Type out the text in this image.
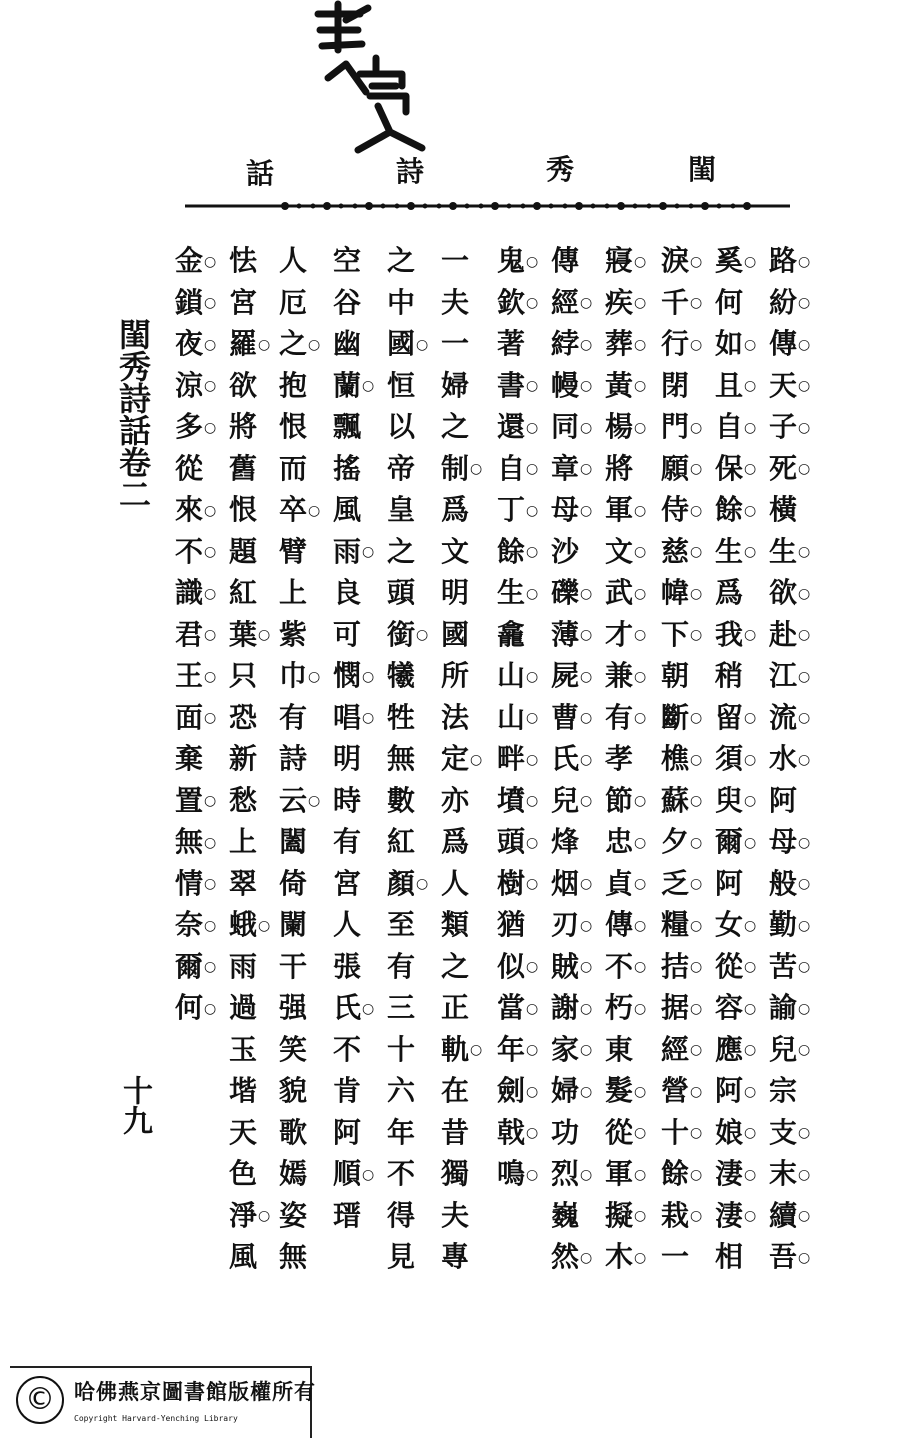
閨
秀
詩
話
閨秀詩話卷二
十九
路○
紛○
傳○
天○
子○
死○
橫
生○
欲○
赴○
江○
流○
水○
阿
母○
般○
勤○
苦○
諭○
兒○
宗
支○
末○
續○
吾○
奚○
何
如○
且○
自○
保○
餘○
生○
爲
我○
稍
留○
須○
臾○
爾○
阿
女○
從○
容○
應○
阿○
娘○
淒○
淒○
相
淚○
千○
行○
閉
門○
願○
侍○
慈○
幃○
下○
朝
斷○
樵○
蘇○
夕○
乏○
糧○
拮○
据○
經○
營○
十○
餘○
栽○
一
寢○
疾○
葬○
黃○
楊○
將
軍○
文○
武○
才○
兼○
有○
孝
節○
忠○
貞○
傳○
不○
朽○
東
髮○
從○
軍○
擬○
木○
傳
經○
綍○
幔○
同○
章○
母○
沙
礫○
薄○
屍○
曹○
氏○
兒○
烽
烟○
刃○
賊○
謝○
家○
婦○
功
烈○
巍
然○
鬼○
欽○
著
書○
還○
自○
丁○
餘○
生○
龕
山○
山○
畔○
墳○
頭○
樹○
猶
似○
當○
年○
劍○
戟○
鳴○
一
夫
一
婦
之
制○
爲
文
明
國
所
法
定○
亦
爲
人
類
之
正
軌○
在
昔
獨
夫
專
之
中
國○
恒
以
帝
皇
之
頭
銜○
犧
牲
無
數
紅
顏○
至
有
三
十
六
年
不
得
見
空
谷
幽
蘭○
飄
搖
風
雨○
良
可
憫○
唱○
明
時
有
宮
人
張
氏○
不
肯
阿
順○
瑨
人
厄
之○
抱
恨
而
卒○
臂
上
紫
巾○
有
詩
云○
闔
倚
闌
干
强
笑
貌
歌
嫣
姿
無
怯
宮
羅○
欲
將
舊
恨
題
紅
葉○
只
恐
新
愁
上
翠
蛾○
雨
過
玉
堦
天
色
淨○
風
金○
鎖○
夜○
涼○
多○
從
來○
不○
識○
君○
王○
面○
棄
置○
無○
情○
奈○
爾○
何○
© 哈佛燕京圖書館版權所有
Copyright Harvard-Yenching Library
